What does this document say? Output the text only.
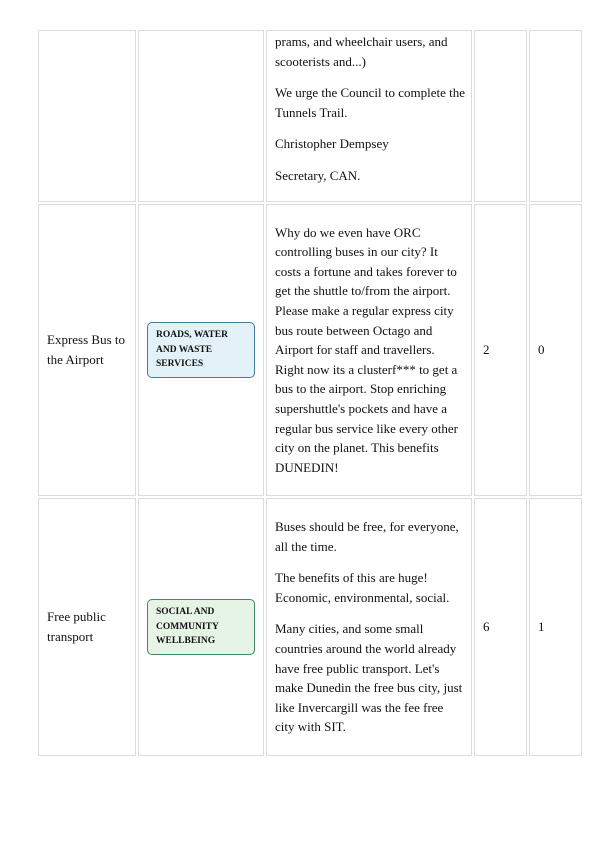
		prams, and wheelchair users, and scooterists and...)

We urge the Council to complete the Tunnels Trail.

Christopher Dempsey

Secretary, CAN.		

Express Bus to the Airport	ROADS, WATER AND WASTE SERVICES	Why do we even have ORC controlling buses in our city? It costs a fortune and takes forever to get the shuttle to/from the airport. Please make a regular express city bus route between Octago and Airport for staff and travellers. Right now its a clusterf*** to get a bus to the airport. Stop enriching supershuttle's pockets and have a regular bus service like every other city on the planet. This benefits DUNEDIN!	2	0
Free public transport	SOCIAL AND COMMUNITY WELLBEING	Buses should be free, for everyone, all the time.

The benefits of this are huge! Economic, environmental, social.

Many cities, and some small countries around the world already have free public transport. Let's make Dunedin the free bus city, just like Invercargill was the fee free city with SIT.	6	1
